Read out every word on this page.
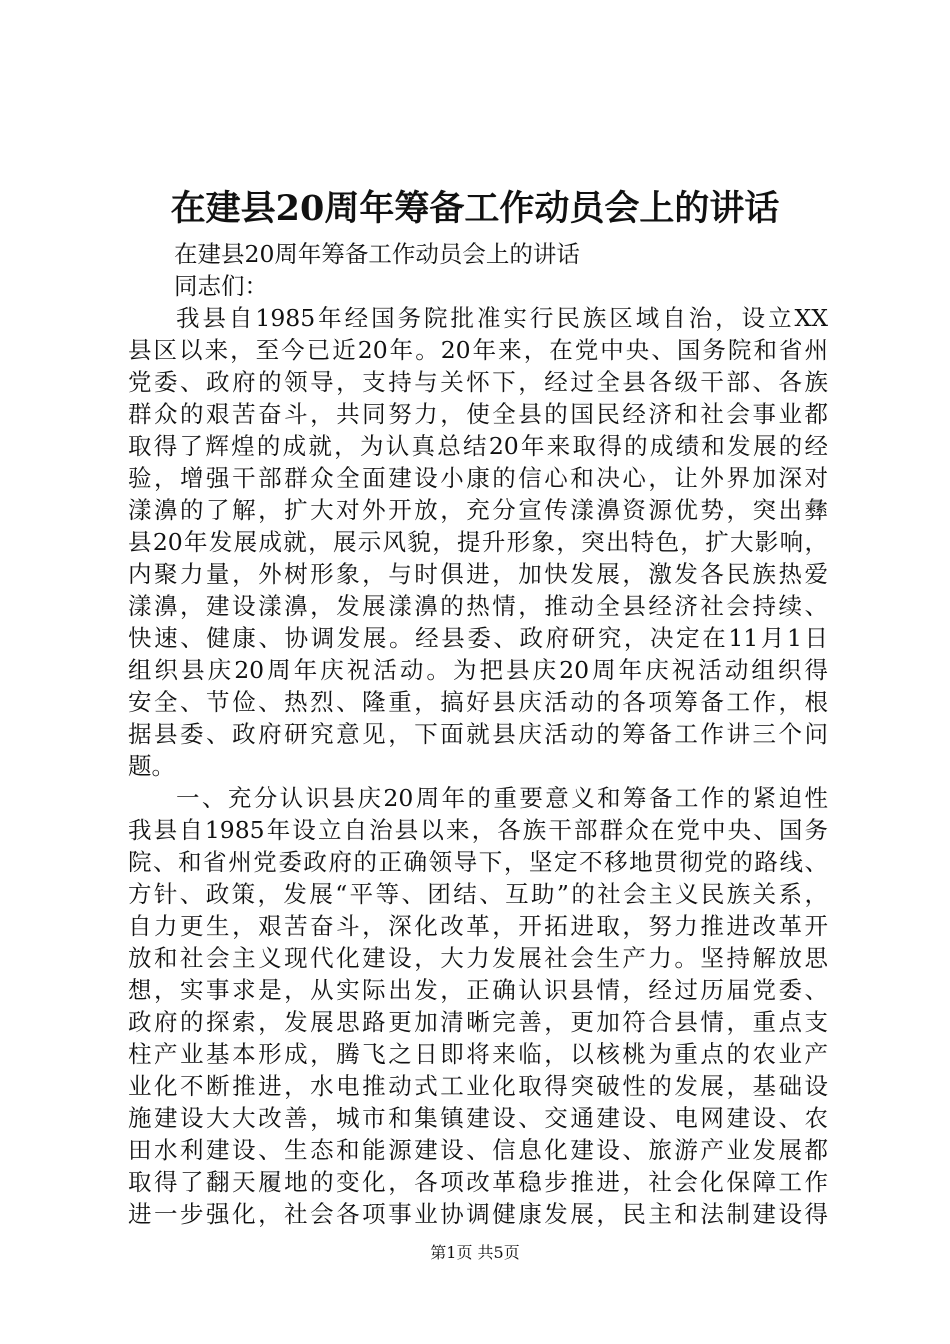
在建县20周年筹备工作动员会上的讲话
在建县20周年筹备工作动员会上的讲话
同志们：
我县自1985年经国务院批准实行民族区域自治，设立XX
县区以来，至今已近20年。20年来，在党中央、国务院和省州
党委、政府的领导，支持与关怀下，经过全县各级干部、各族
群众的艰苦奋斗，共同努力，使全县的国民经济和社会事业都
取得了辉煌的成就，为认真总结20年来取得的成绩和发展的经
验，增强干部群众全面建设小康的信心和决心，让外界加深对
漾濞的了解，扩大对外开放，充分宣传漾濞资源优势，突出彝
县20年发展成就，展示风貌，提升形象，突出特色，扩大影响，
内聚力量，外树形象，与时俱进，加快发展，激发各民族热爱
漾濞，建设漾濞，发展漾濞的热情，推动全县经济社会持续、
快速、健康、协调发展。经县委、政府研究，决定在11月1日
组织县庆20周年庆祝活动。为把县庆20周年庆祝活动组织得
安全、节俭、热烈、隆重，搞好县庆活动的各项筹备工作，根
据县委、政府研究意见，下面就县庆活动的筹备工作讲三个问
题。
一、充分认识县庆20周年的重要意义和筹备工作的紧迫性
我县自1985年设立自治县以来，各族干部群众在党中央、国务
院、和省州党委政府的正确领导下，坚定不移地贯彻党的路线、
方针、政策，发展“平等、团结、互助”的社会主义民族关系，
自力更生，艰苦奋斗，深化改革，开拓进取，努力推进改革开
放和社会主义现代化建设，大力发展社会生产力。坚持解放思
想，实事求是，从实际出发，正确认识县情，经过历届党委、
政府的探索，发展思路更加清晰完善，更加符合县情，重点支
柱产业基本形成，腾飞之日即将来临，以核桃为重点的农业产
业化不断推进，水电推动式工业化取得突破性的发展，基础设
施建设大大改善，城市和集镇建设、交通建设、电网建设、农
田水利建设、生态和能源建设、信息化建设、旅游产业发展都
取得了翻天履地的变化，各项改革稳步推进，社会化保障工作
进一步强化，社会各项事业协调健康发展，民主和法制建设得
第1页 共5页
